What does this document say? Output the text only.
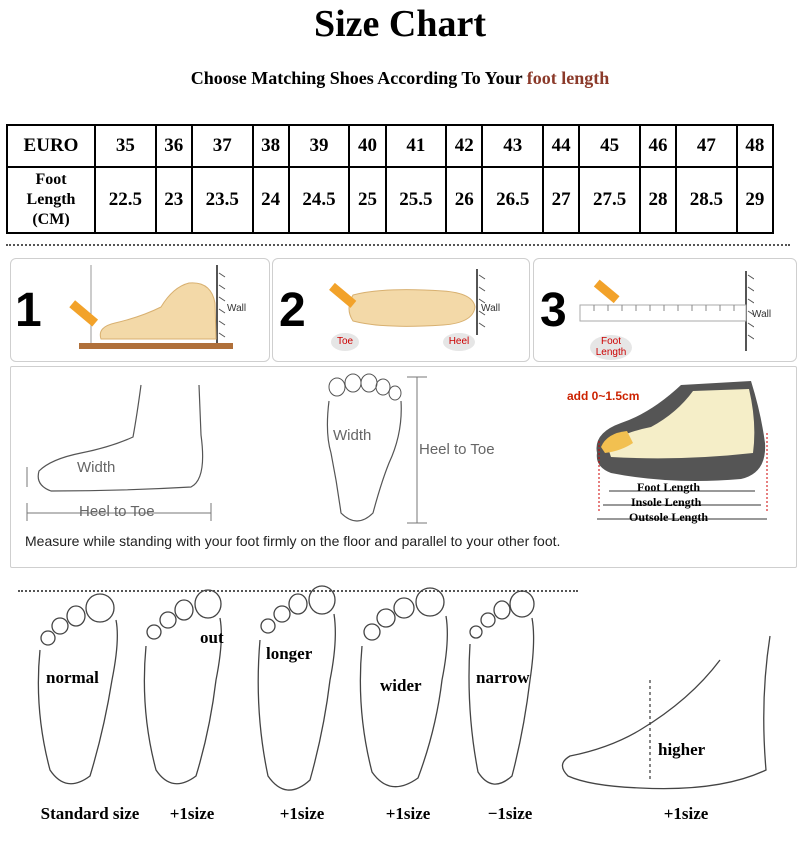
Size Chart
Choose Matching Shoes According To Your foot length
EURO	35	36	37	38	39	40	41	42	43	44	45	46	47	48
Foot
Length
(CM)	22.5	23	23.5	24	24.5	25	25.5	26	26.5	27	27.5	28	28.5	29
1	Wall 2	Wall
Toe	Heel
3	Wall
Foot
Length
Width
Heel to Toe
Width
Heel to Toe
add 0~1.5cm
Foot Length
Insole Length
Outsole Length
Measure while standing with your foot firmly on the floor and parallel to your other foot.
normal
out
longer
wider	narrow
higher
Standard size	+1size	+1size	+1size	−1size	+1size
